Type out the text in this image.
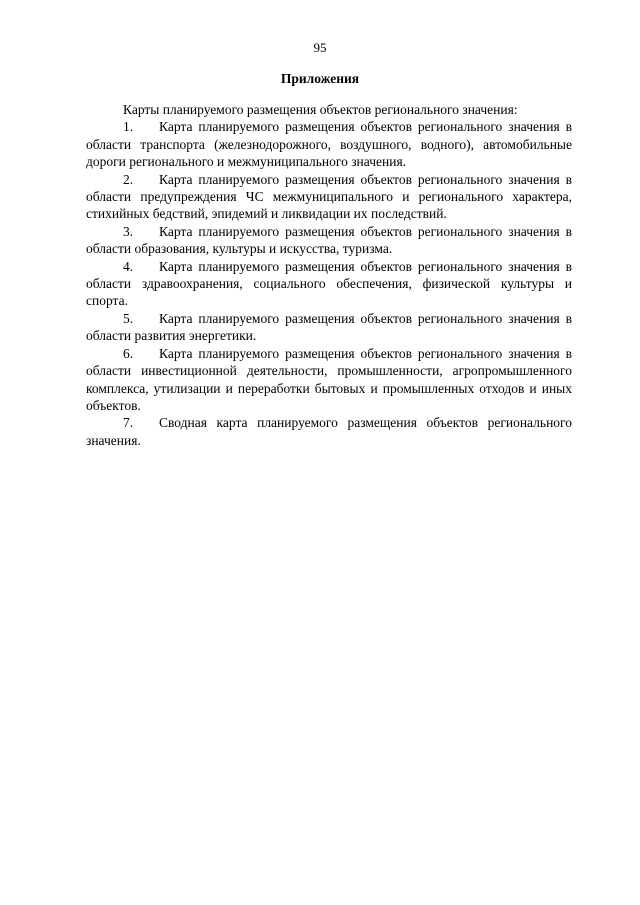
95
Приложения

Карты планируемого размещения объектов регионального значения:

1. Карта планируемого размещения объектов регионального значения в области транспорта (железнодорожного, воздушного, водного), автомобильные дороги регионального и межмуниципального значения.
2. Карта планируемого размещения объектов регионального значения в области предупреждения ЧС межмуниципального и регионального характера, стихийных бедствий, эпидемий и ликвидации их последствий.
3. Карта планируемого размещения объектов регионального значения в области образования, культуры и искусства, туризма.
4. Карта планируемого размещения объектов регионального значения в области здравоохранения, социального обеспечения, физической культуры и спорта.
5. Карта планируемого размещения объектов регионального значения в области развития энергетики.
6. Карта планируемого размещения объектов регионального значения в области инвестиционной деятельности, промышленности, агропромышленного комплекса, утилизации и переработки бытовых и промышленных отходов и иных объектов.
7. Сводная карта планируемого размещения объектов регионального значения.
